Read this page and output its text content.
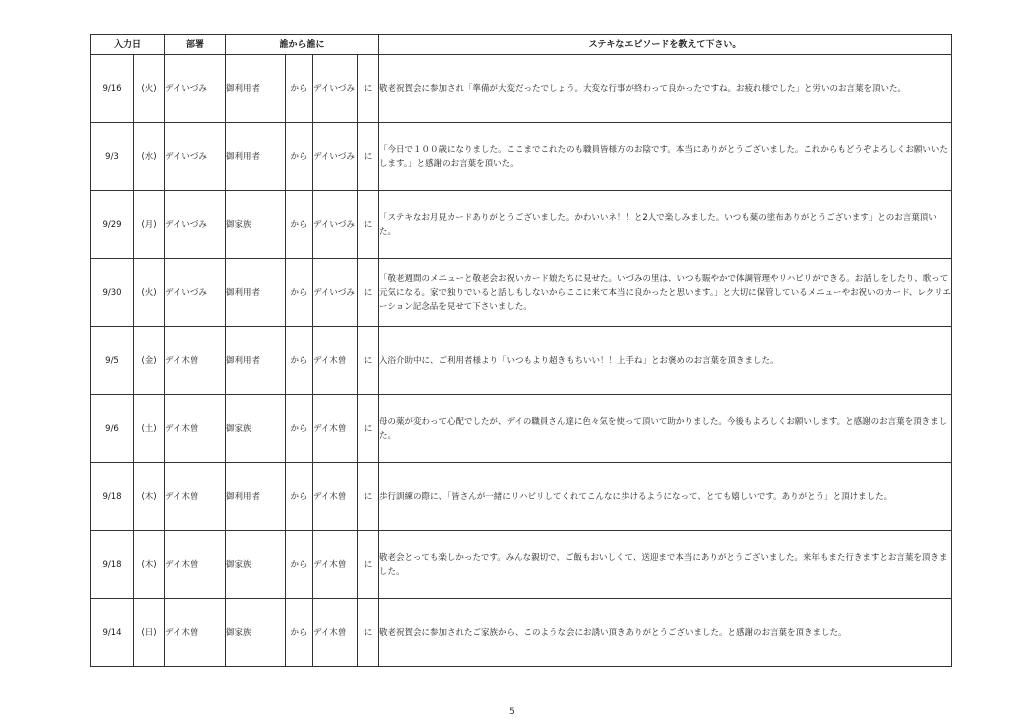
入力日		部署	誰から誰に				ステキなエピソードを教えて下さい。
9/16	(火)	デイいづみ	御利用者	から	デイいづみ	に	敬老祝賀会に参加され「準備が大変だったでしょう。大変な行事が終わって良かったですね。お疲れ様でした」と労いのお言葉を頂いた。
9/3	(水)	デイいづみ	御利用者	から	デイいづみ	に	「今日で１００歳になりました。ここまでこれたのも職員皆様方のお陰です。本当にありがとうございました。これからもどうぞよろしくお願いいたします。」と感謝のお言葉を頂いた。
9/29	(月)	デイいづみ	御家族	から	デイいづみ	に	「ステキなお月見カードありがとうございました。かわいいネ！！と2人で楽しみました。いつも薬の塗布ありがとうございます」とのお言葉頂いた。
9/30	(火)	デイいづみ	御利用者	から	デイいづみ	に	「敬老週間のメニューと敬老会お祝いカード娘たちに見せた。いづみの里は、いつも賑やかで体調管理やリハビリができる。お話しをしたり、歌って元気になる。家で独りでいると話しもしないからここに来て本当に良かったと思います。」と大切に保管しているメニューやお祝いのカード、レクリエーション記念品を見せて下さいました。
9/5	(金)	デイ木曽	御利用者	から	デイ木曽	に	入浴介助中に、ご利用者様より「いつもより超きもちいい！！上手ね」とお褒めのお言葉を頂きました。
9/6	(土)	デイ木曽	御家族	から	デイ木曽	に	母の薬が変わって心配でしたが、デイの職員さん達に色々気を使って頂いて助かりました。今後もよろしくお願いします。と感謝のお言葉を頂きました。
9/18	(木)	デイ木曽	御利用者	から	デイ木曽	に	歩行訓練の際に、「皆さんが一緒にリハビリしてくれてこんなに歩けるようになって、とても嬉しいです。ありがとう」と頂けました。
9/18	(木)	デイ木曽	御家族	から	デイ木曽	に	敬老会とっても楽しかったです。みんな親切で、ご飯もおいしくて、送迎まで本当にありがとうございました。来年もまた行きますとお言葉を頂きました。
9/14	(日)	デイ木曽	御家族	から	デイ木曽	に	敬老祝賀会に参加されたご家族から、このような会にお誘い頂きありがとうございました。と感謝のお言葉を頂きました。
5
